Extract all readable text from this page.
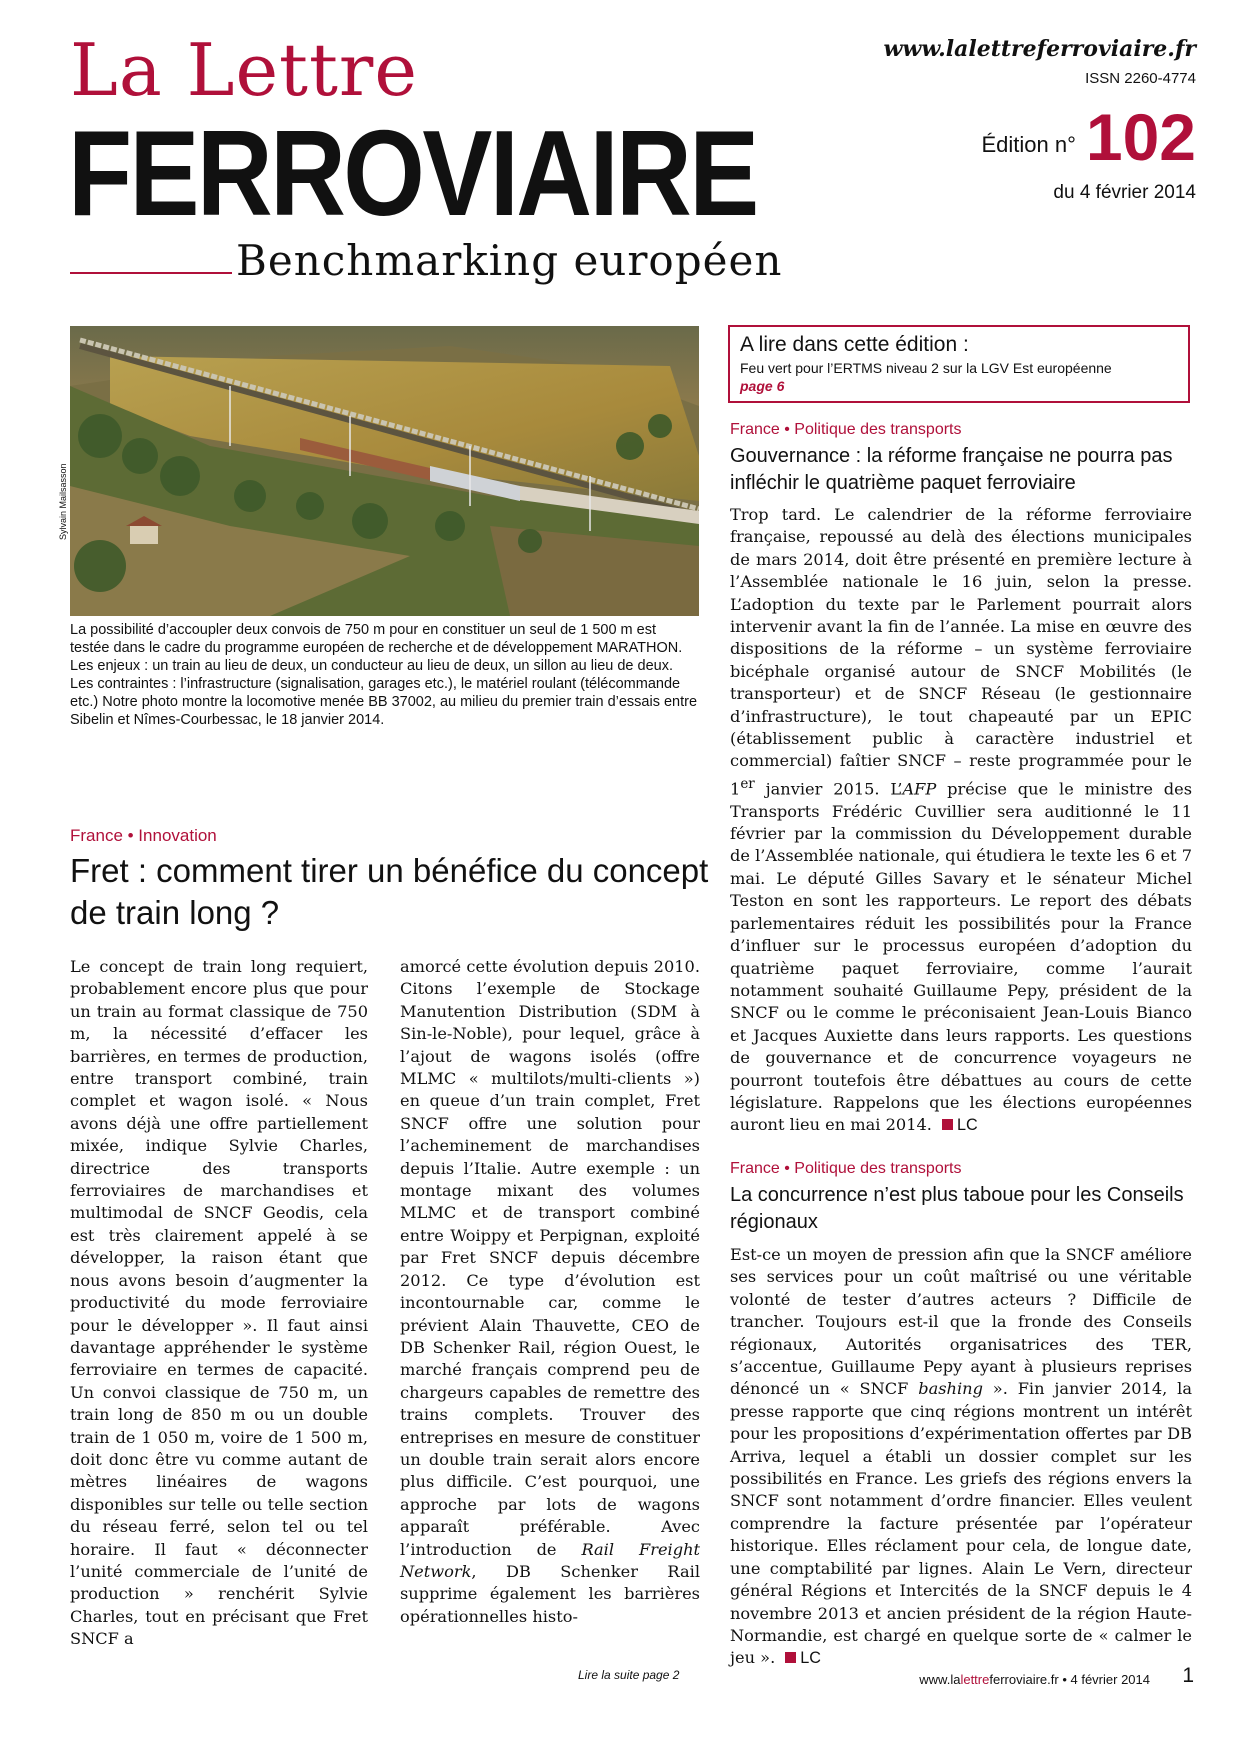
La Lettre
FERROVIAIRE
Benchmarking européen
www.lalettreferroviaire.fr
ISSN 2260-4774
Édition n° 102
du 4 février 2014
Sylvain Mailsasson
La possibilité d’accoupler deux convois de 750 m pour en constituer un seul de 1 500 m est testée dans le cadre du programme européen de recherche et de développement MARATHON. Les enjeux : un train au lieu de deux, un conducteur au lieu de deux, un sillon au lieu de deux. Les contraintes : l’infrastructure (signalisation, garages etc.), le matériel roulant (télécommande etc.) Notre photo montre la locomotive menée BB 37002, au milieu du premier train d’essais entre Sibelin et Nîmes-Courbessac, le 18 janvier 2014.
France • Innovation
Fret : comment tirer un bénéfice du concept de train long ?
Le concept de train long requiert, probablement encore plus que pour un train au format classique de 750 m, la nécessité d’effacer les barrières, en termes de production, entre transport combiné, train complet et wagon isolé. « Nous avons déjà une offre partiellement mixée, indique Sylvie Charles, directrice des transports ferroviaires de marchandises et multimodal de SNCF Geodis, cela est très clairement appelé à se développer, la raison étant que nous avons besoin d’augmenter la productivité du mode ferroviaire pour le développer ». Il faut ainsi davantage appréhender le système ferroviaire en termes de capacité. Un convoi classique de 750 m, un train long de 850 m ou un double train de 1 050 m, voire de 1 500 m, doit donc être vu comme autant de mètres linéaires de wagons disponibles sur telle ou telle section du réseau ferré, selon tel ou tel horaire. Il faut « déconnecter l’unité commerciale de l’unité de production » renchérit Sylvie Charles, tout en précisant que Fret SNCF a
amorcé cette évolution depuis 2010. Citons l’exemple de Stockage Manutention Distribution (SDM à Sin-le-Noble), pour lequel, grâce à l’ajout de wagons isolés (offre MLMC « multilots/multi-clients ») en queue d’un train complet, Fret SNCF offre une solution pour l’acheminement de marchandises depuis l’Italie. Autre exemple : un montage mixant des volumes MLMC et de transport combiné entre Woippy et Perpignan, exploité par Fret SNCF depuis décembre 2012. Ce type d’évolution est incontournable car, comme le prévient Alain Thauvette, CEO de DB Schenker Rail, région Ouest, le marché français comprend peu de chargeurs capables de remettre des trains complets. Trouver des entreprises en mesure de constituer un double train serait alors encore plus difficile. C’est pourquoi, une approche par lots de wagons apparaît préférable. Avec l’introduction de Rail Freight Network, DB Schenker Rail supprime également les barrières opérationnelles histo-
Lire la suite page 2
A lire dans cette édition :
Feu vert pour l’ERTMS niveau 2 sur la LGV Est européenne
page 6
France • Politique des transports
Gouvernance : la réforme française ne pourra pas infléchir le quatrième paquet ferroviaire
Trop tard. Le calendrier de la réforme ferroviaire française, repoussé au delà des élections municipales de mars 2014, doit être présenté en première lecture à l’Assemblée nationale le 16 juin, selon la presse. L’adoption du texte par le Parlement pourrait alors intervenir avant la fin de l’année. La mise en œuvre des dispositions de la réforme – un système ferroviaire bicéphale organisé autour de SNCF Mobilités (le transporteur) et de SNCF Réseau (le gestionnaire d’infrastructure), le tout chapeauté par un EPIC (établissement public à caractère industriel et commercial) faîtier SNCF – reste programmée pour le 1er janvier 2015. L’AFP précise que le ministre des Transports Frédéric Cuvillier sera auditionné le 11 février par la commission du Développement durable de l’Assemblée nationale, qui étudiera le texte les 6 et 7 mai. Le député Gilles Savary et le sénateur Michel Teston en sont les rapporteurs. Le report des débats parlementaires réduit les possibilités pour la France d’influer sur le processus européen d’adoption du quatrième paquet ferroviaire, comme l’aurait notamment souhaité Guillaume Pepy, président de la SNCF ou le comme le préconisaient Jean-Louis Bianco et Jacques Auxiette dans leurs rapports. Les questions de gouvernance et de concurrence voyageurs ne pourront toutefois être débattues au cours de cette législature. Rappelons que les élections européennes auront lieu en mai 2014. LC
France • Politique des transports
La concurrence n’est plus taboue pour les Conseils régionaux
Est-ce un moyen de pression afin que la SNCF améliore ses services pour un coût maîtrisé ou une véritable volonté de tester d’autres acteurs ? Difficile de trancher. Toujours est-il que la fronde des Conseils régionaux, Autorités organisatrices des TER, s’accentue, Guillaume Pepy ayant à plusieurs reprises dénoncé un « SNCF bashing ». Fin janvier 2014, la presse rapporte que cinq régions montrent un intérêt pour les propositions d’expérimentation offertes par DB Arriva, lequel a établi un dossier complet sur les possibilités en France. Les griefs des régions envers la SNCF sont notamment d’ordre financier. Elles veulent comprendre la facture présentée par l’opérateur historique. Elles réclament pour cela, de longue date, une comptabilité par lignes. Alain Le Vern, directeur général Régions et Intercités de la SNCF depuis le 4 novembre 2013 et ancien président de la région Haute-Normandie, est chargé en quelque sorte de « calmer le jeu ». LC
www.lalettreferroviaire.fr • 4 février 2014 1
